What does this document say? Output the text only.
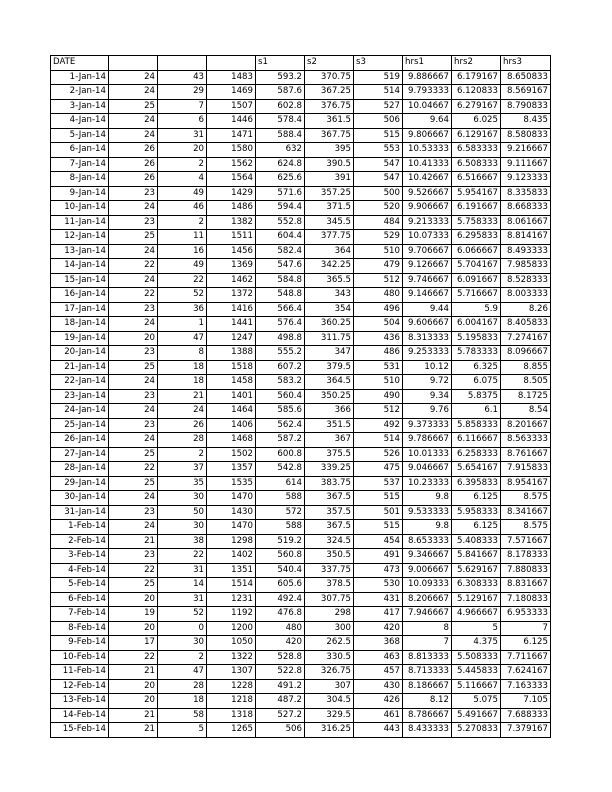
DATE				s1	s2	s3	hrs1	hrs2	hrs3
1-Jan-14	24	43	1483	593.2	370.75	519	9.886667	6.179167	8.650833
2-Jan-14	24	29	1469	587.6	367.25	514	9.793333	6.120833	8.569167
3-Jan-14	25	7	1507	602.8	376.75	527	10.04667	6.279167	8.790833
4-Jan-14	24	6	1446	578.4	361.5	506	9.64	6.025	8.435
5-Jan-14	24	31	1471	588.4	367.75	515	9.806667	6.129167	8.580833
6-Jan-14	26	20	1580	632	395	553	10.53333	6.583333	9.216667
7-Jan-14	26	2	1562	624.8	390.5	547	10.41333	6.508333	9.111667
8-Jan-14	26	4	1564	625.6	391	547	10.42667	6.516667	9.123333
9-Jan-14	23	49	1429	571.6	357.25	500	9.526667	5.954167	8.335833
10-Jan-14	24	46	1486	594.4	371.5	520	9.906667	6.191667	8.668333
11-Jan-14	23	2	1382	552.8	345.5	484	9.213333	5.758333	8.061667
12-Jan-14	25	11	1511	604.4	377.75	529	10.07333	6.295833	8.814167
13-Jan-14	24	16	1456	582.4	364	510	9.706667	6.066667	8.493333
14-Jan-14	22	49	1369	547.6	342.25	479	9.126667	5.704167	7.985833
15-Jan-14	24	22	1462	584.8	365.5	512	9.746667	6.091667	8.528333
16-Jan-14	22	52	1372	548.8	343	480	9.146667	5.716667	8.003333
17-Jan-14	23	36	1416	566.4	354	496	9.44	5.9	8.26
18-Jan-14	24	1	1441	576.4	360.25	504	9.606667	6.004167	8.405833
19-Jan-14	20	47	1247	498.8	311.75	436	8.313333	5.195833	7.274167
20-Jan-14	23	8	1388	555.2	347	486	9.253333	5.783333	8.096667
21-Jan-14	25	18	1518	607.2	379.5	531	10.12	6.325	8.855
22-Jan-14	24	18	1458	583.2	364.5	510	9.72	6.075	8.505
23-Jan-14	23	21	1401	560.4	350.25	490	9.34	5.8375	8.1725
24-Jan-14	24	24	1464	585.6	366	512	9.76	6.1	8.54
25-Jan-14	23	26	1406	562.4	351.5	492	9.373333	5.858333	8.201667
26-Jan-14	24	28	1468	587.2	367	514	9.786667	6.116667	8.563333
27-Jan-14	25	2	1502	600.8	375.5	526	10.01333	6.258333	8.761667
28-Jan-14	22	37	1357	542.8	339.25	475	9.046667	5.654167	7.915833
29-Jan-14	25	35	1535	614	383.75	537	10.23333	6.395833	8.954167
30-Jan-14	24	30	1470	588	367.5	515	9.8	6.125	8.575
31-Jan-14	23	50	1430	572	357.5	501	9.533333	5.958333	8.341667
1-Feb-14	24	30	1470	588	367.5	515	9.8	6.125	8.575
2-Feb-14	21	38	1298	519.2	324.5	454	8.653333	5.408333	7.571667
3-Feb-14	23	22	1402	560.8	350.5	491	9.346667	5.841667	8.178333
4-Feb-14	22	31	1351	540.4	337.75	473	9.006667	5.629167	7.880833
5-Feb-14	25	14	1514	605.6	378.5	530	10.09333	6.308333	8.831667
6-Feb-14	20	31	1231	492.4	307.75	431	8.206667	5.129167	7.180833
7-Feb-14	19	52	1192	476.8	298	417	7.946667	4.966667	6.953333
8-Feb-14	20	0	1200	480	300	420	8	5	7
9-Feb-14	17	30	1050	420	262.5	368	7	4.375	6.125
10-Feb-14	22	2	1322	528.8	330.5	463	8.813333	5.508333	7.711667
11-Feb-14	21	47	1307	522.8	326.75	457	8.713333	5.445833	7.624167
12-Feb-14	20	28	1228	491.2	307	430	8.186667	5.116667	7.163333
13-Feb-14	20	18	1218	487.2	304.5	426	8.12	5.075	7.105
14-Feb-14	21	58	1318	527.2	329.5	461	8.786667	5.491667	7.688333
15-Feb-14	21	5	1265	506	316.25	443	8.433333	5.270833	7.379167
